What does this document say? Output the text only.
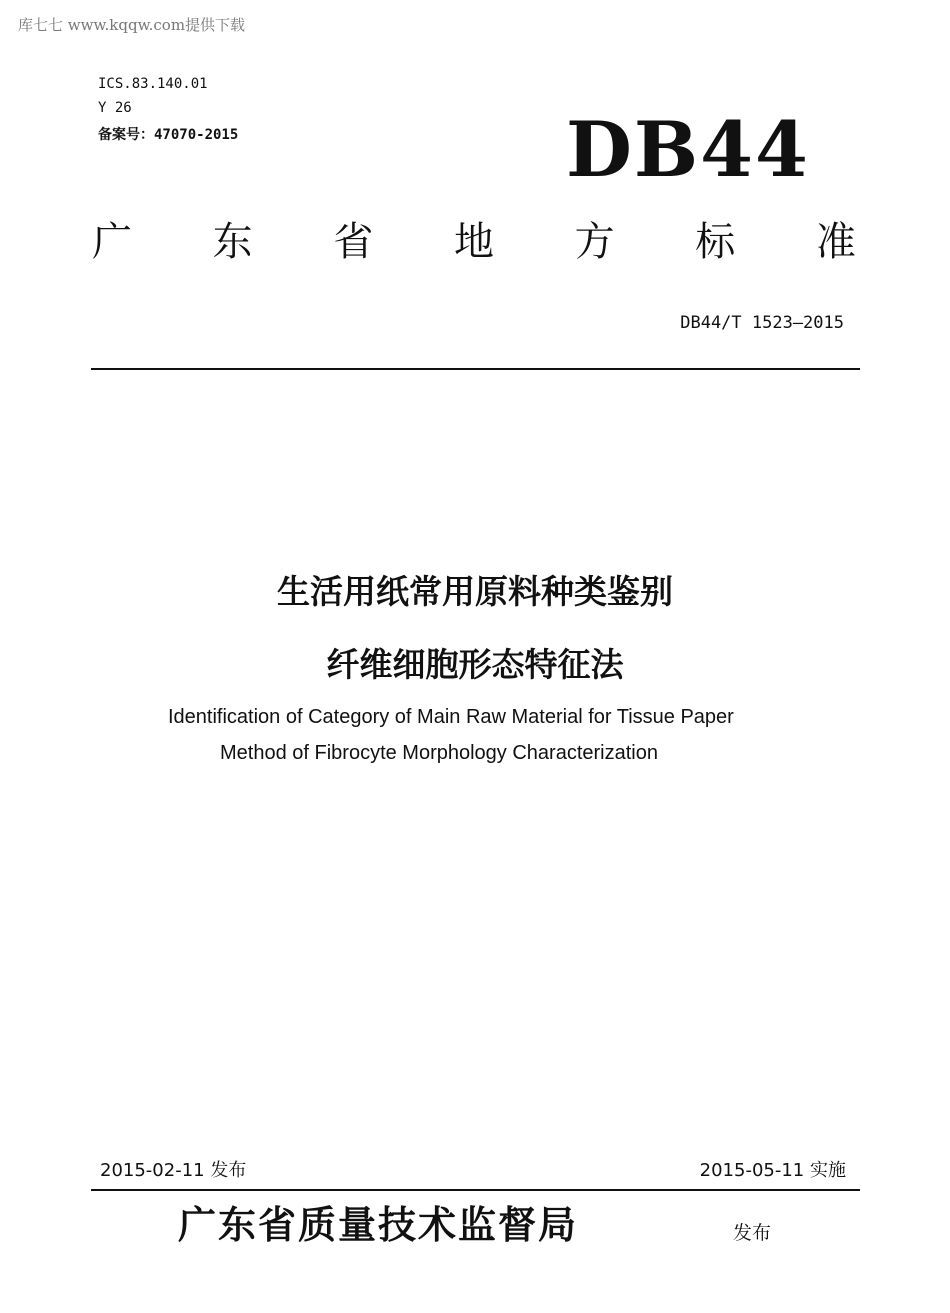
库七七 www.kqqw.com提供下载
ICS.83.140.01
Y 26
备案号：47070-2015	DB44
广 东 省 地 方 标 准
DB44/T 1523—2015
生活用纸常用原料种类鉴别
纤维细胞形态特征法
Identification of Category of Main Raw Material for Tissue Paper
Method of Fibrocyte Morphology Characterization
2015-02-11 发布	2015-05-11 实施
广东省质量技术监督局	发布
